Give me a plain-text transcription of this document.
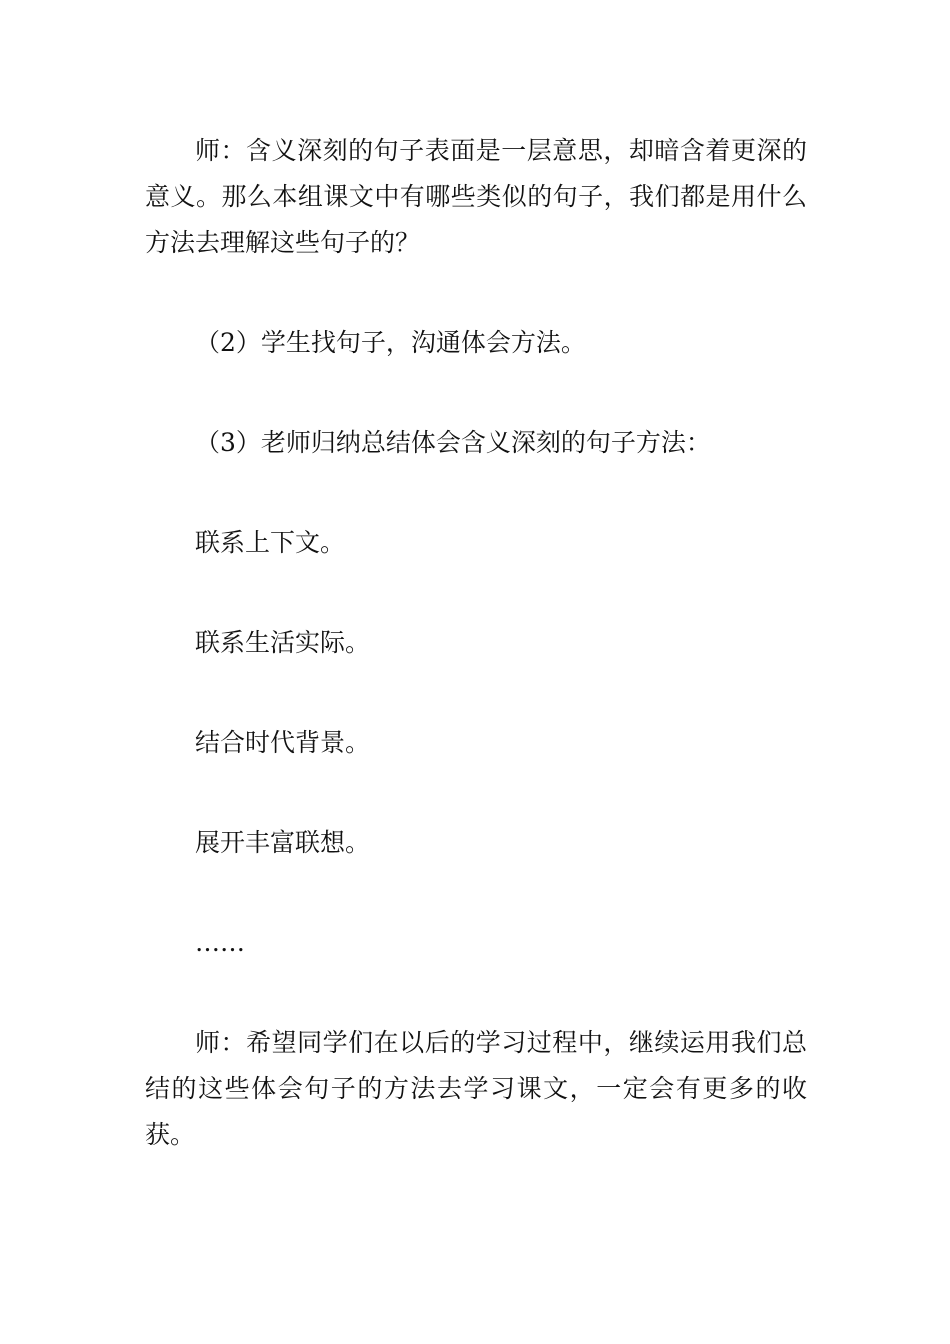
师：含义深刻的句子表面是一层意思，却暗含着更深的意义。那么本组课文中有哪些类似的句子，我们都是用什么方法去理解这些句子的？

（2）学生找句子，沟通体会方法。

（3）老师归纳总结体会含义深刻的句子方法：

联系上下文。

联系生活实际。

结合时代背景。

展开丰富联想。

……

师：希望同学们在以后的学习过程中，继续运用我们总结的这些体会句子的方法去学习课文，一定会有更多的收获。
